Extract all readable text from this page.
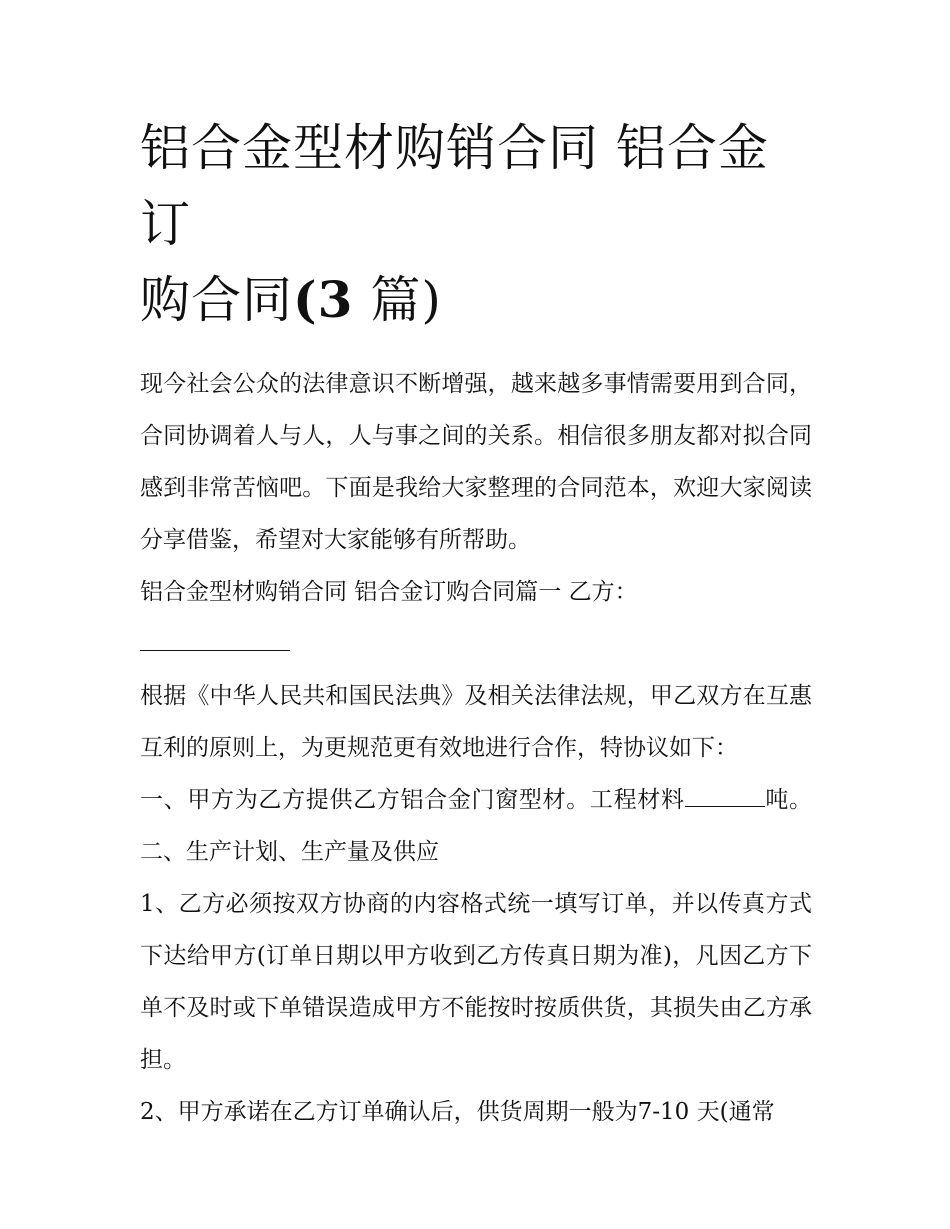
铝合金型材购销合同 铝合金订
购合同(3 篇)

现今社会公众的法律意识不断增强，越来越多事情需要用到合同，合同协调着人与人，人与事之间的关系。相信很多朋友都对拟合同感到非常苦恼吧。下面是我给大家整理的合同范本，欢迎大家阅读分享借鉴，希望对大家能够有所帮助。

铝合金型材购销合同 铝合金订购合同篇一 乙方：

根据《中华人民共和国民法典》及相关法律法规，甲乙双方在互惠互利的原则上，为更规范更有效地进行合作，特协议如下：

一、甲方为乙方提供乙方铝合金门窗型材。工程材料	吨。 二、生产计划、生产量及供应

1、乙方必须按双方协商的内容格式统一填写订单，并以传真方式下达给甲方(订单日期以甲方收到乙方传真日期为准)，凡因乙方下单不及时或下单错误造成甲方不能按时按质供货，其损失由乙方承担。

2、甲方承诺在乙方订单确认后，供货周期一般为7-10 天(通常
